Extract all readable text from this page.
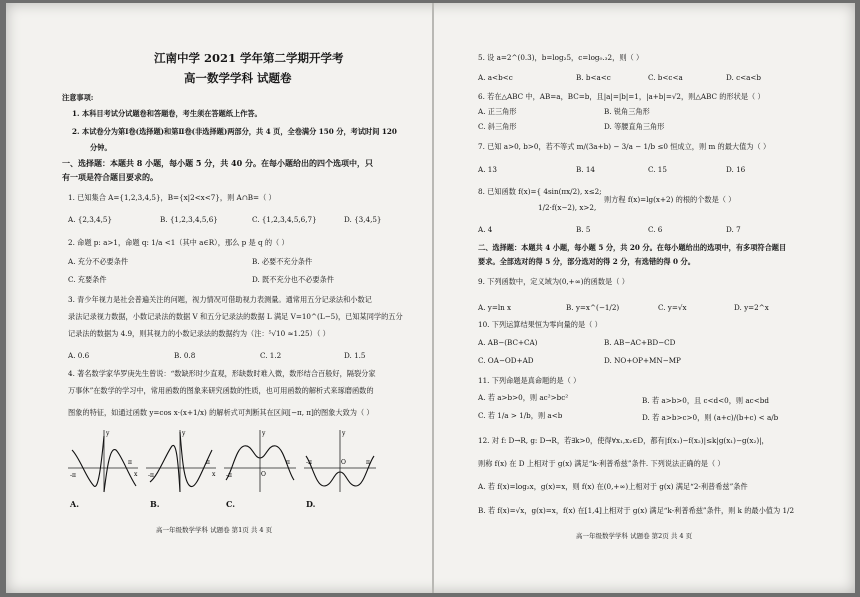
江南中学 2021 学年第二学期开学考
高一数学学科 试题卷
注意事项:
1. 本科目考试分试题卷和答题卷，考生须在答题纸上作答。
2. 本试卷分为第Ⅰ卷(选择题)和第Ⅱ卷(非选择题)两部分，共 4 页，全卷满分 150 分，考试时间 120
分钟。
一、选择题：本题共 8 小题，每小题 5 分，共 40 分。在每小题给出的四个选项中，只
有一项是符合题目要求的。
1. 已知集合 A={1,2,3,4,5}，B={x|2<x<7}，则 A∩B=（ ）
A. {2,3,4,5}	B. {1,2,3,4,5,6}	C. {1,2,3,4,5,6,7}	D. {3,4,5}
2. 命题 p: a>1，命题 q: 1/a <1（其中 a∈R），那么 p 是 q 的（ ）
A. 充分不必要条件	B. 必要不充分条件
C. 充要条件	D. 既不充分也不必要条件
3. 青少年视力是社会普遍关注的问题，视力情况可借助视力表测量。通常用五分记录法和小数记
录法记录视力数据，小数记录法的数据 V 和五分记录法的数据 L 满足 V=10^(L−5)，已知某同学的五分
记录法的数据为 4.9，则其视力的小数记录法的数据约为（注：⁵√10 ≈1.25）（ ）
A. 0.6	B. 0.8	C. 1.2	D. 1.5
4. 著名数学家华罗庚先生曾说：“数缺形时少直观，形缺数时难入微，数形结合百般好，隔裂分家
万事休”在数学的学习中，常用函数的图象来研究函数的性质，也可用函数的解析式来琢磨函数的
图象的特征，如通过函数 y=cos x·(x+1/x) 的解析式可判断其在区间[−π, π]的图象大致为（ ）
-π
π
y
x -π
π
y
x -π
π
y
O
-π	π
y
O
A.	B.	C.	D.
高一年级数学学科 试题卷 第1页 共 4 页
5. 设 a=2^(0.3)，b=log₂5，c=log₀.₃2，则（ ）
A. a<b<c	B. b<a<c	C. b<c<a	D. c<a<b
6. 若在△ABC 中，AB=a，BC=b，且|a|=|b|=1，|a+b|=√2，则△ABC 的形状是（ ）
A. 正三角形	B. 锐角三角形
C. 斜三角形	D. 等腰直角三角形
7. 已知 a>0, b>0，若不等式 m/(3a+b) − 3/a − 1/b ≤0 恒成立，则 m 的最大值为（ ）
A. 13	B. 14	C. 15	D. 16
8. 已知函数 f(x)={ 4sin(πx/2), x≤2;
则方程 f(x)=lg(x+2) 的根的个数是（ ）
1/2·f(x−2), x>2,
A. 4	B. 5	C. 6	D. 7
二、选择题：本题共 4 小题，每小题 5 分，共 20 分。在每小题给出的选项中，有多项符合题目
要求。全部选对的得 5 分，部分选对的得 2 分，有选错的得 0 分。
9. 下列函数中，定义域为(0,+∞)的函数是（ ）
A. y=ln x	B. y=x^(−1/2)	C. y=√x	D. y=2^x
10. 下列运算结果恒为零向量的是（ ）
A. AB−(BC+CA)	B. AB−AC+BD−CD
C. OA−OD+AD	D. NO+OP+MN−MP
11. 下列命题是真命题的是（ ）
A. 若 a>b>0，则 ac²>bc²	B. 若 a>b>0，且 c<d<0，则 ac<bd
C. 若 1/a > 1/b，则 a<b	D. 若 a>b>c>0，则 (a+c)/(b+c) < a/b
12. 对 f: D→R, g: D→R，若∃k>0，使得∀x₁,x₂∈D，都有|f(x₁)−f(x₂)|≤k|g(x₁)−g(x₂)|，
则称 f(x) 在 D 上相对于 g(x) 满足“k-利普希兹”条件. 下列说法正确的是（ ）
A. 若 f(x)=log₂x，g(x)=x，则 f(x) 在(0,+∞)上相对于 g(x) 满足“2-利普希兹”条件
B. 若 f(x)=√x，g(x)=x，f(x) 在[1,4]上相对于 g(x) 满足“k-利普希兹”条件，则 k 的最小值为 1/2
高一年级数学学科 试题卷 第2页 共 4 页
